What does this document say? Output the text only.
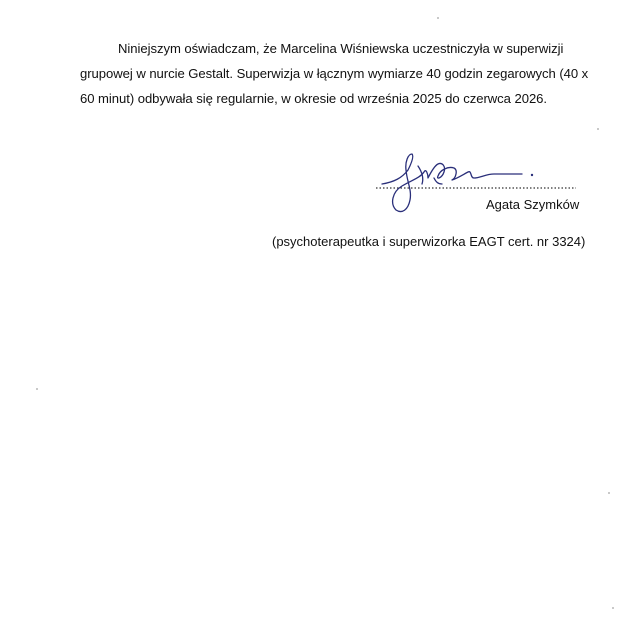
Niniejszym oświadczam, że Marcelina Wiśniewska uczestniczyła w superwizji grupowej w nurcie Gestalt. Superwizja w łącznym wymiarze 40 godzin zegarowych (40 x 60 minut) odbywała się regularnie, w okresie od września 2025 do czerwca 2026.

Agata Szymków
(psychoterapeutka i superwizorka EAGT cert. nr 3324)
